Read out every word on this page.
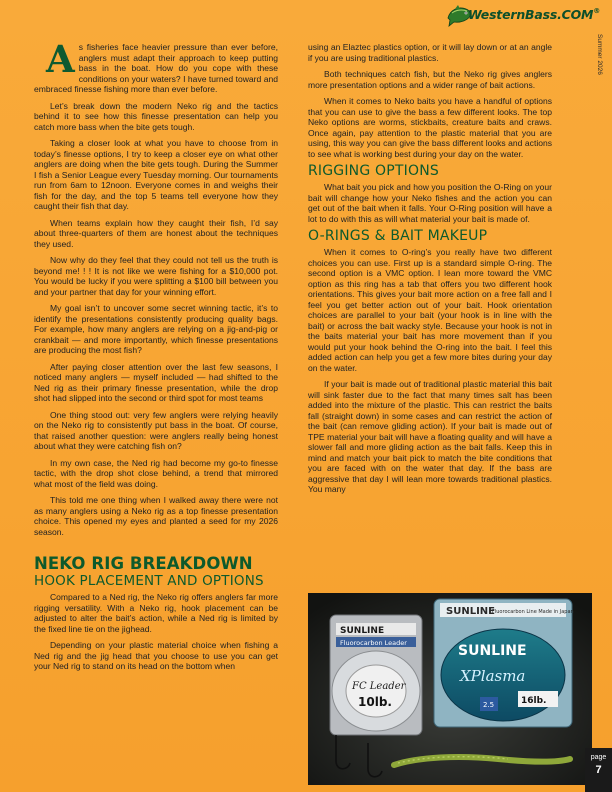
WesternBass.COM®
Summer 2026

As fisheries face heavier pressure than ever before, anglers must adapt their approach to keep putting bass in the boat. How do you cope with these conditions on your waters? I have turned toward and embraced finesse fishing more than ever before.

Let’s break down the modern Neko rig and the tactics behind it to see how this finesse presentation can help you catch more bass when the bite gets tough.

Taking a closer look at what you have to choose from in today’s finesse options, I try to keep a closer eye on what other anglers are doing when the bite gets tough. During the Summer I fish a Senior League every Tuesday morning. Our tournaments run from 6am to 12noon. Everyone comes in and weighs their fish for the day, and the top 5 teams tell everyone how they caught their fish that day.

When teams explain how they caught their fish, I’d say about three-quarters of them are honest about the techniques they used.

Now why do they feel that they could not tell us the truth is beyond me! ! ! It is not like we were fishing for a $10,000 pot. You would be lucky if you were splitting a $100 bill between you and your partner that day for your winning effort.

My goal isn’t to uncover some secret winning tactic, it’s to identify the presentations consistently producing quality bags. For example, how many anglers are relying on a jig-and-pig or crankbait — and more importantly, which finesse presentations are producing the most fish?

After paying closer attention over the last few seasons, I noticed many anglers — myself included — had shifted to the Ned rig as their primary finesse presentation, while the drop shot had slipped into the second or third spot for most teams

One thing stood out: very few anglers were relying heavily on the Neko rig to consistently put bass in the boat. Of course, that raised another question: were anglers really being honest about what they were catching fish on?

In my own case, the Ned rig had become my go-to finesse tactic, with the drop shot close behind, a trend that mirrored what most of the field was doing.

This told me one thing when I walked away there were not as many anglers using a Neko rig as a top finesse presentation choice. This opened my eyes and planted a seed for my 2026 season.

NEKO RIG BREAKDOWN
HOOK PLACEMENT AND OPTIONS

Compared to a Ned rig, the Neko rig offers anglers far more rigging versatility. With a Neko rig, hook placement can be adjusted to alter the bait’s action, while a Ned rig is limited by the fixed line tie on the jighead.

Depending on your plastic material choice when fishing a Ned rig and the jig head that you choose to use you can get your Ned rig to stand on its head on the bottom when

using an Elaztec plastics option, or it will lay down or at an angle if you are using traditional plastics.

Both techniques catch fish, but the Neko rig gives anglers more presentation options and a wider range of bait actions.

When it comes to Neko baits you have a handful of options that you can use to give the bass a few different looks. The top Neko options are worms, stickbaits, creature baits and craws. Once again, pay attention to the plastic material that you are using, this way you can give the bass different looks and actions to see what is working best during your day on the water.

RIGGING OPTIONS

What bait you pick and how you position the O-Ring on your bait will change how your Neko fishes and the action you can get out of the bait when it falls. Your O-Ring position will have a lot to do with this as will what material your bait is made of.

O-RINGS & BAIT MAKEUP

When it comes to O-ring’s you really have two different choices you can use. First up is a standard simple O-ring. The second option is a VMC option. I lean more toward the VMC option as this ring has a tab that offers you two different hook orientations. This gives your bait more action on a free fall and I feel you get better action out of your bait. Hook orientation choices are parallel to your bait (your hook is in line with the bait) or across the bait wacky style. Because your hook is not in the baits material your bait has more movement than if you would put your hook behind the O-ring into the bait. I feel this added action can help you get a few more bites during your day on the water.

If your bait is made out of traditional plastic material this bait will sink faster due to the fact that many times salt has been added into the mixture of the plastic. This can restrict the baits fall (straight down) in some cases and can restrict the action of the bait (can remove gliding action). If your bait is made out of TPE material your bait will have a floating quality and will have a slower fall and more gliding action as the bait falls. Keep this in mind and match your bait pick to match the bite conditions that you are faced with on the water that day. If the bass are aggressive that day I will lean more towards traditional plastics. You many

SUNLINE
Fluorocarbon Leader
FC Leader
10lb.
SUNLINE
Fluorocarbon Line Made in Japan
SUNLINE
XPlasma
16lb.
2.5
page
7
